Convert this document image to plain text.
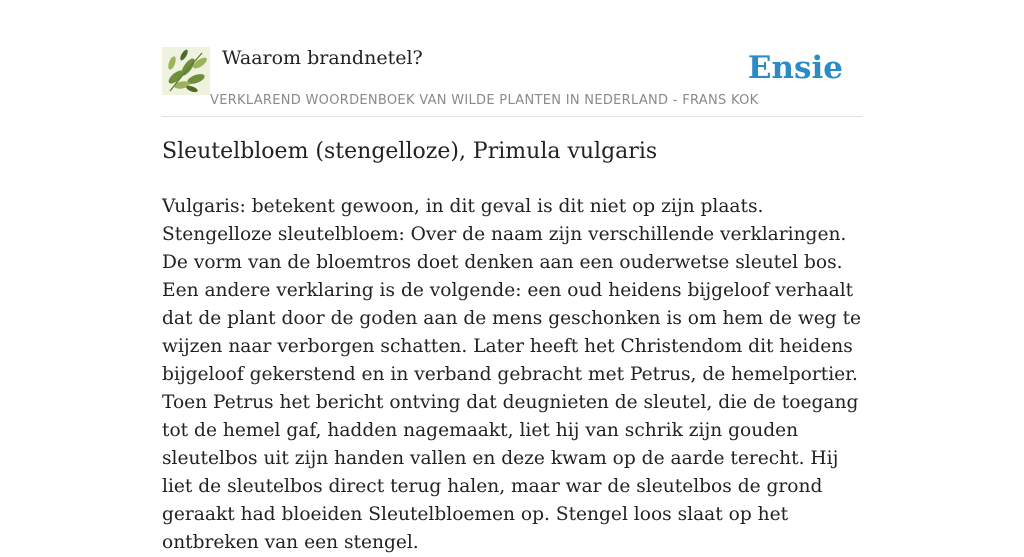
Waarom brandnetel?
VERKLAREND WOORDENBOEK VAN WILDE PLANTEN IN NEDERLAND - FRANS KOK
Ensie
Sleutelbloem (stengelloze), Primula vulgaris

Vulgaris: betekent gewoon, in dit geval is dit niet op zijn plaats.

Stengelloze sleutelbloem: Over de naam zijn verschillende verklaringen. De vorm van de bloemtros doet denken aan een ouderwetse sleutel bos. Een andere verklaring is de volgende: een oud heidens bijgeloof verhaalt dat de plant door de goden aan de mens geschonken is om hem de weg te wijzen naar verborgen schatten. Later heeft het Christendom dit heidens bijgeloof gekerstend en in verband gebracht met Petrus, de hemelportier. Toen Petrus het bericht ontving dat deugnieten de sleutel, die de toegang tot de hemel gaf, hadden nagemaakt, liet hij van schrik zijn gouden sleutelbos uit zijn handen vallen en deze kwam op de aarde terecht. Hij liet de sleutelbos direct terug halen, maar war de sleutelbos de grond geraakt had bloeiden Sleutelbloemen op. Stengel loos slaat op het ontbreken van een stengel.
